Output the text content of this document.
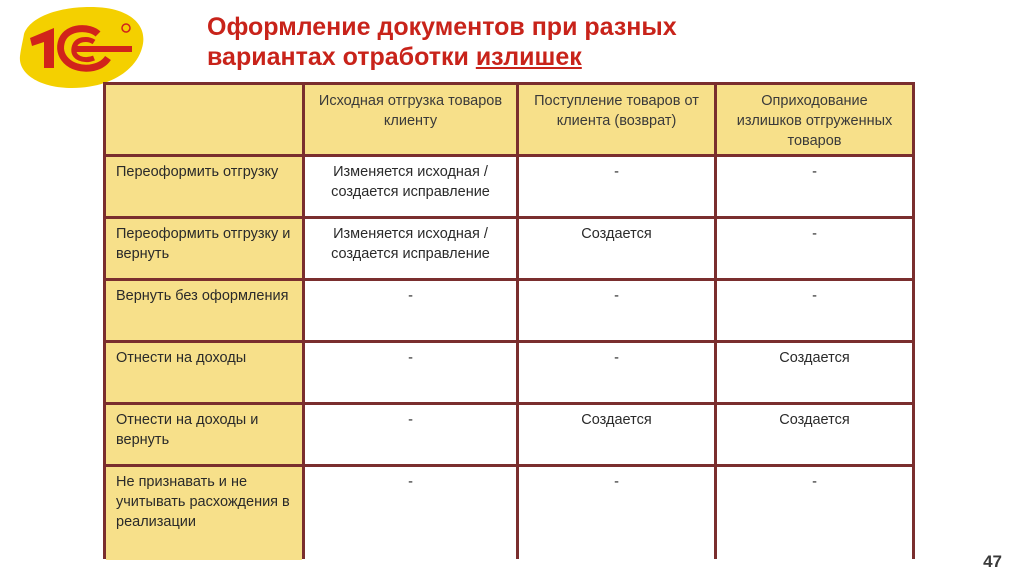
Оформление документов при разных
вариантах отработки излишек
	Исходная отгрузка товаров клиенту	Поступление товаров от клиента (возврат)	Оприходование излишков отгруженных товаров
Переоформить отгрузку	Изменяется исходная / создается исправление	-	-
Переоформить отгрузку и вернуть	Изменяется исходная / создается исправление	Создается	-
Вернуть без оформления	-	-	-
Отнести на доходы	-	-	Создается
Отнести на доходы и вернуть	-	Создается	Создается
Не признавать и не учитывать расхождения в реализации	-	-	-
47
